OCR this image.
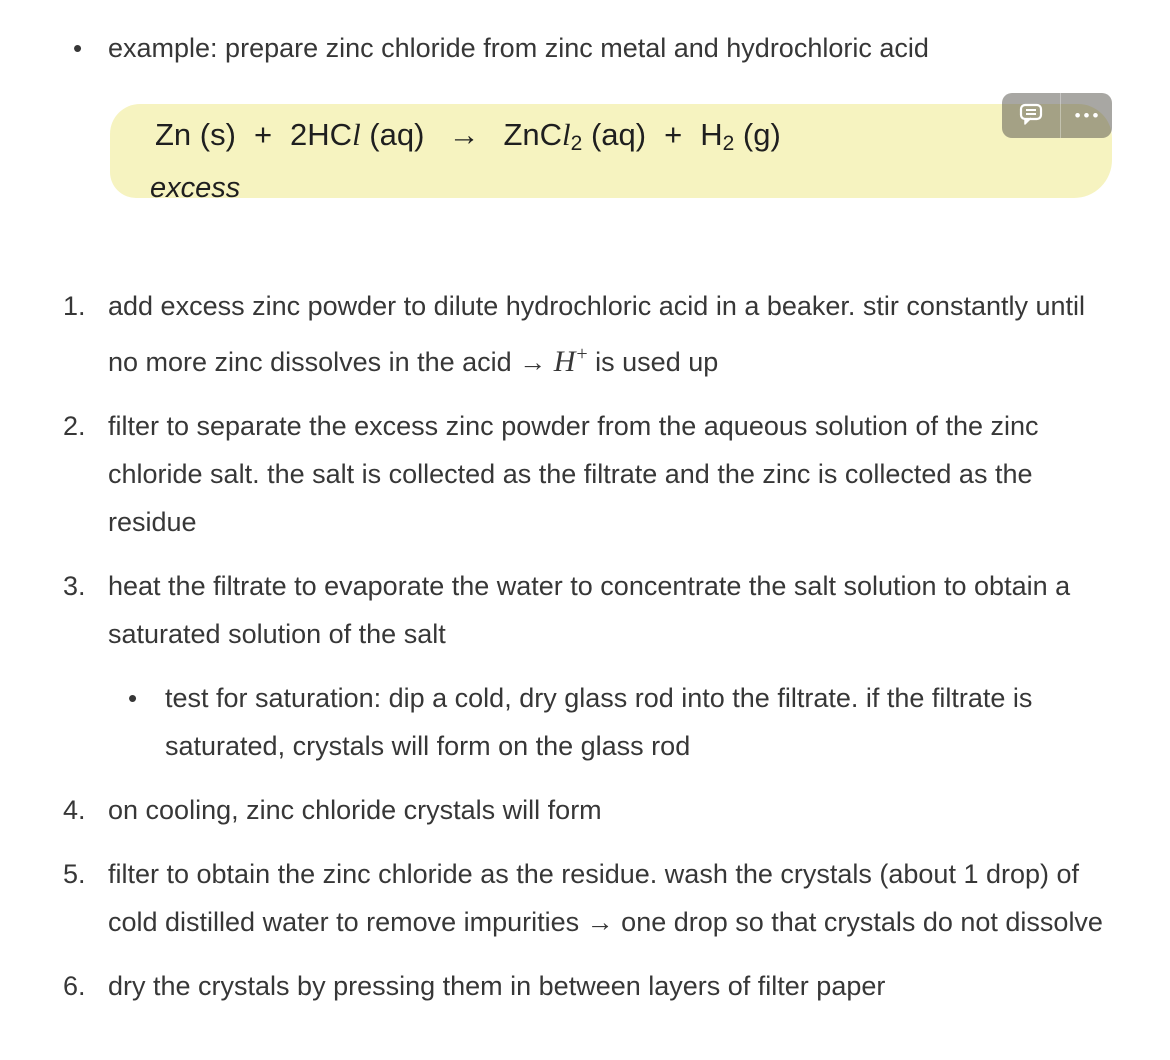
• example: prepare zinc chloride from zinc metal and hydrochloric acid
Zn (s) + 2HCl (aq) → ZnCl2 (aq) + H2 (g)
excess
•••
1. add excess zinc powder to dilute hydrochloric acid in a beaker. stir constantly until no more zinc dissolves in the acid → H+ is used up
2. filter to separate the excess zinc powder from the aqueous solution of the zinc chloride salt. the salt is collected as the filtrate and the zinc is collected as the residue
3. heat the filtrate to evaporate the water to concentrate the salt solution to obtain a saturated solution of the salt
• test for saturation: dip a cold, dry glass rod into the filtrate. if the filtrate is saturated, crystals will form on the glass rod
4. on cooling, zinc chloride crystals will form
5. filter to obtain the zinc chloride as the residue. wash the crystals (about 1 drop) of cold distilled water to remove impurities → one drop so that crystals do not dissolve
6. dry the crystals by pressing them in between layers of filter paper
